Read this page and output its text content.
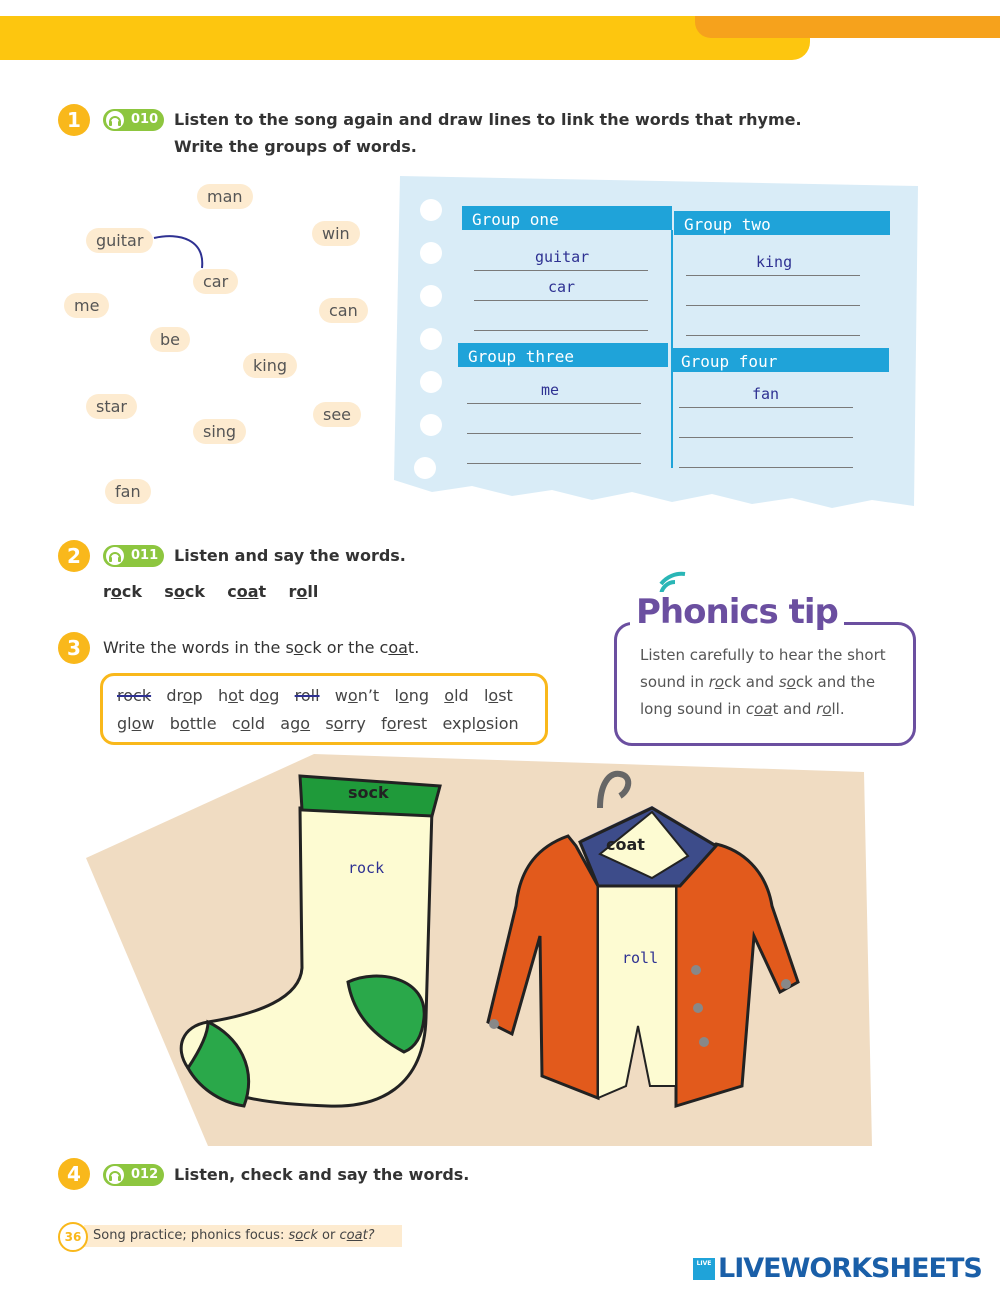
1	010 Listen to the song again and draw lines to link the words that rhyme.
Write the groups of words.
man
guitar	win
car
me	can
be
king
star	see
sing
fan
Group one	Group two
Group three	Group four
guitar
car
king
me	fan
2	011 Listen and say the words.
rock sock coat roll
3	Write the words in the sock or the coat.
rock drop hot dog roll won’t long old lost
glow bottle cold ago sorry forest explosion
Phonics tip
Listen carefully to hear the short
sound in rock and sock and the
long sound in coat and roll.
sock
rock
coat
roll
4	012 Listen, check and say the words.
36 Song practice; phonics focus: sock or coat?
LIVE LIVEWORKSHEETS
